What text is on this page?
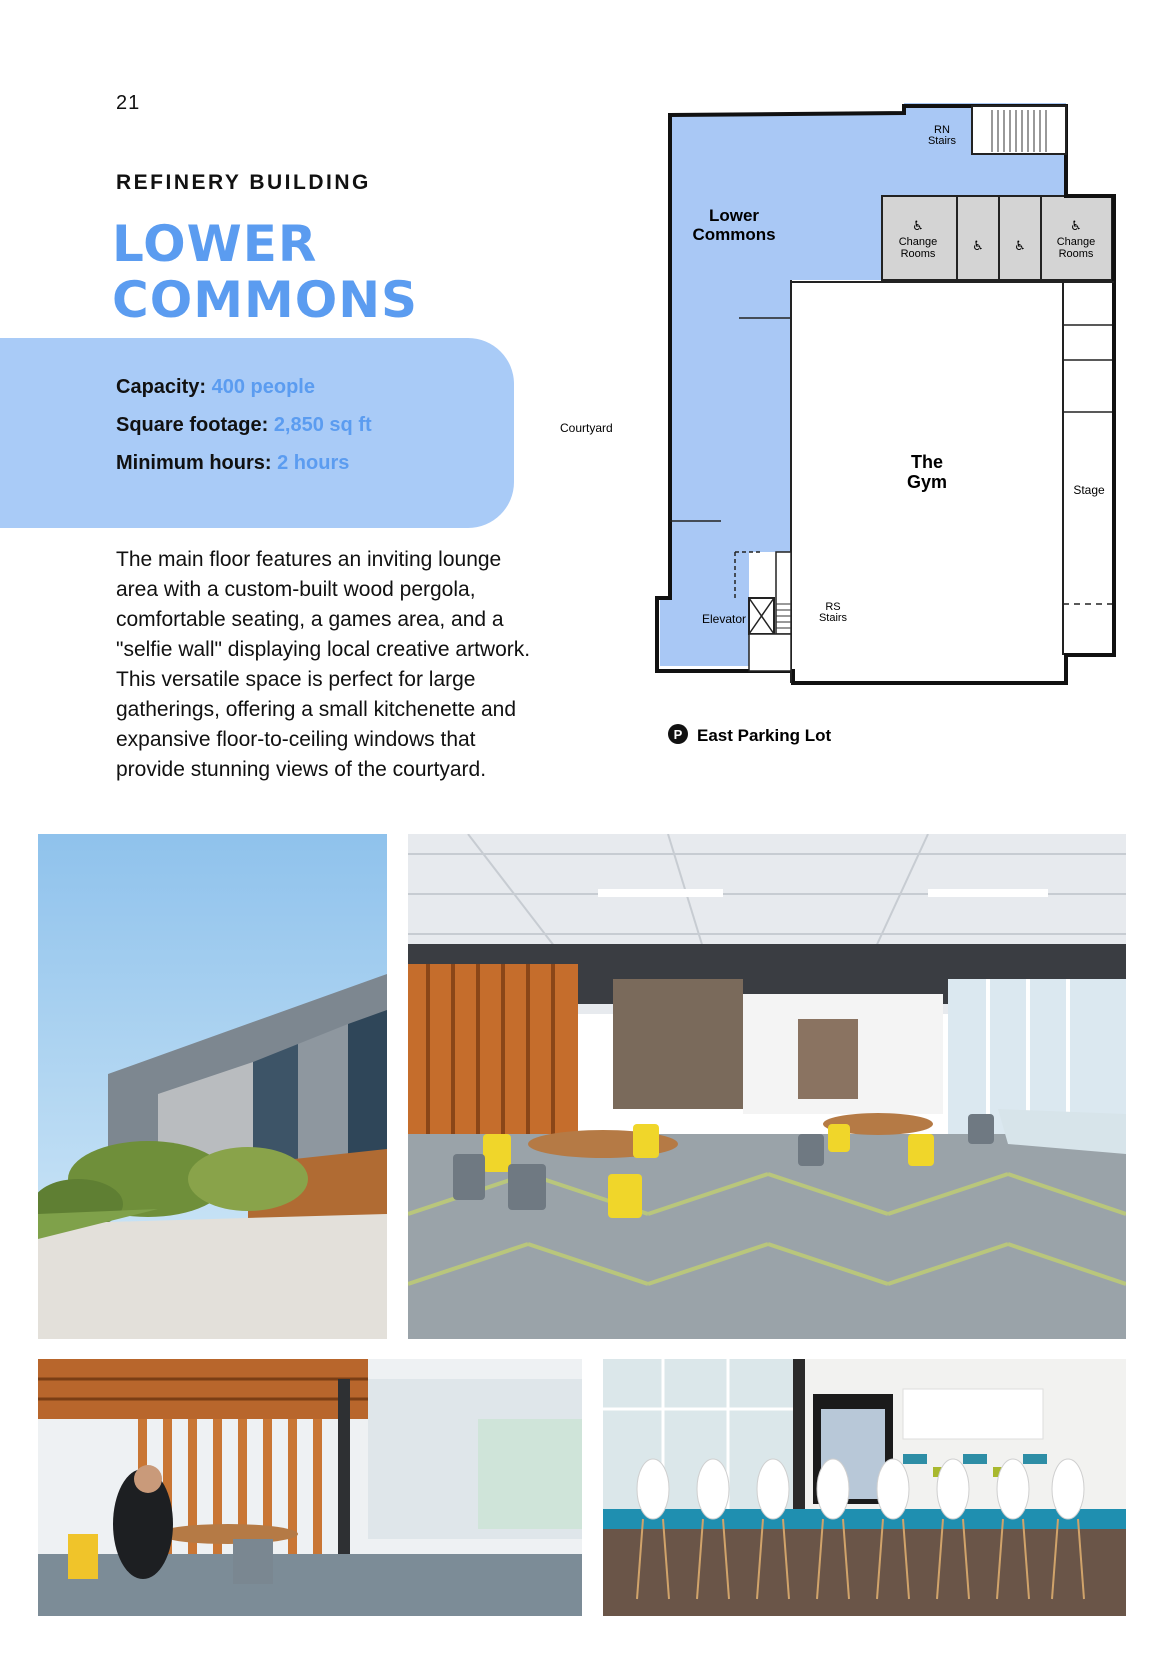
21
REFINERY BUILDING
LOWER
COMMONS
Capacity: 400 people
Square footage: 2,850 sq ft
Minimum hours: 2 hours
The main floor features an inviting lounge area with a custom-built wood pergola, comfortable seating, a games area, and a "selfie wall" displaying local creative artwork. This versatile space is perfect for large gatherings, offering a small kitchenette and expansive floor-to-ceiling windows that provide stunning views of the courtyard.
RN
Stairs
Lower
Commons	♿
Change
Rooms	♿ ♿
♿
Change
Rooms
Courtyard
The
Gym	Stage
Elevator
RS
Stairs
P East Parking Lot
